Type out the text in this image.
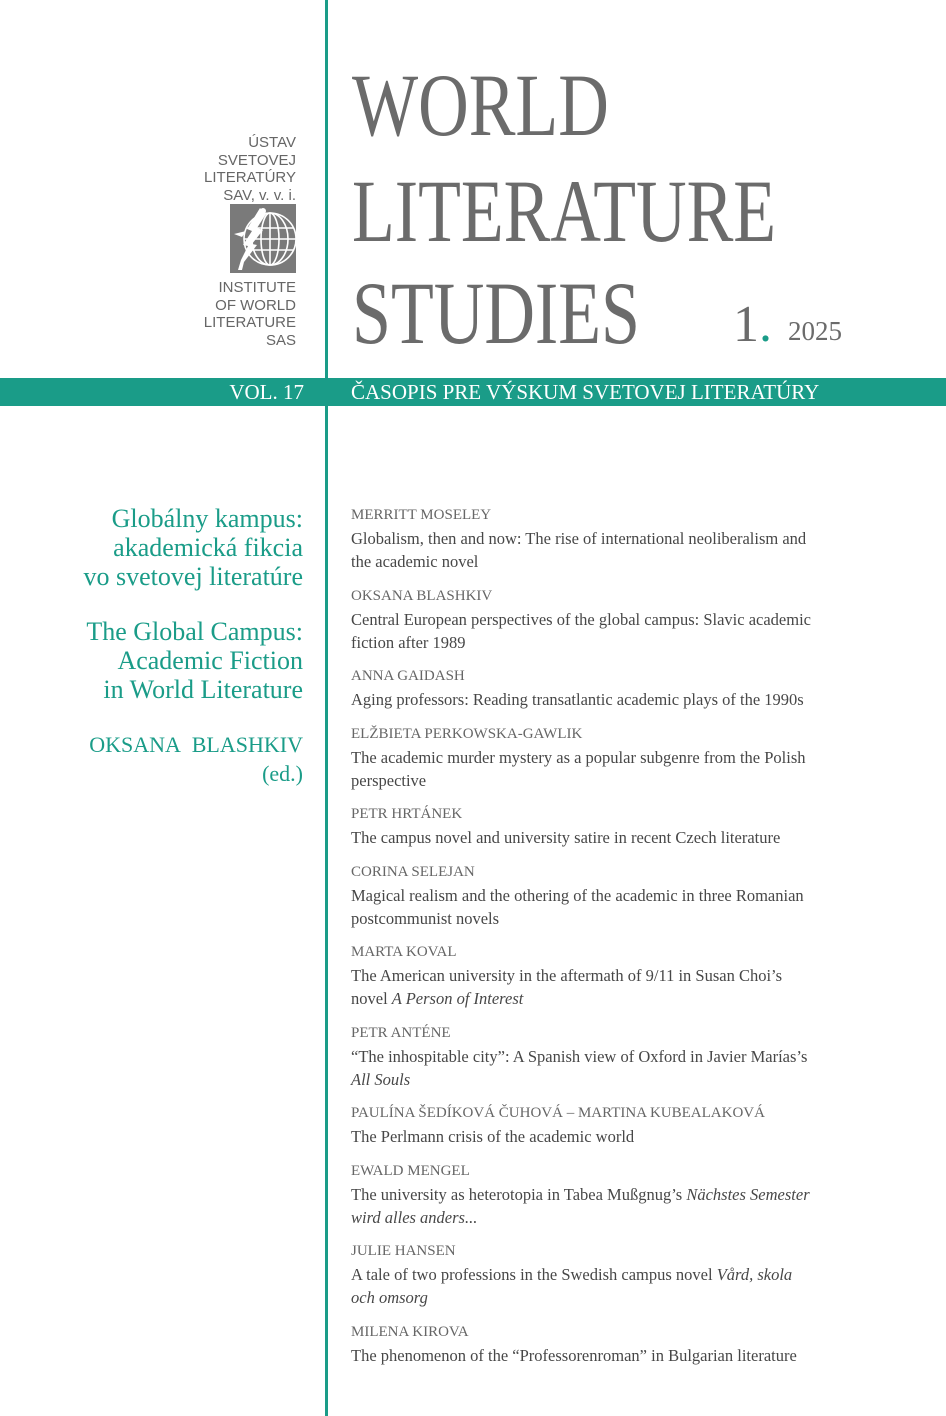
ÚSTAV
SVETOVEJ
LITERATÚRY
SAV, v. v. i.
INSTITUTE
OF WORLD
LITERATURE
SAS
WORLD
LITERATURE
STUDIES 1. 2025
VOL. 17 ČASOPIS PRE VÝSKUM SVETOVEJ LITERATÚRY
Globálny kampus:
akademická fikcia
vo svetovej literatúre
The Global Campus:
Academic Fiction
in World Literature
OKSANA BLASHKIV
(ed.)
MERRITT MOSELEY
Globalism, then and now: The rise of international neoliberalism and
the academic novel
OKSANA BLASHKIV
Central European perspectives of the global campus: Slavic academic
fiction after 1989
ANNA GAIDASH
Aging professors: Reading transatlantic academic plays of the 1990s
ELŽBIETA PERKOWSKA-GAWLIK
The academic murder mystery as a popular subgenre from the Polish
perspective
PETR HRTÁNEK
The campus novel and university satire in recent Czech literature
CORINA SELEJAN
Magical realism and the othering of the academic in three Romanian
postcommunist novels
MARTA KOVAL
The American university in the aftermath of 9/11 in Susan Choi’s
novel A Person of Interest
PETR ANTÉNE
“The inhospitable city”: A Spanish view of Oxford in Javier Marías’s
All Souls
PAULÍNA ŠEDÍKOVÁ ČUHOVÁ – MARTINA KUBEALAKOVÁ
The Perlmann crisis of the academic world
EWALD MENGEL
The university as heterotopia in Tabea Mußgnug’s Nächstes Semester
wird alles anders...
JULIE HANSEN
A tale of two professions in the Swedish campus novel Vård, skola
och omsorg
MILENA KIROVA
The phenomenon of the “Professorenroman” in Bulgarian literature
